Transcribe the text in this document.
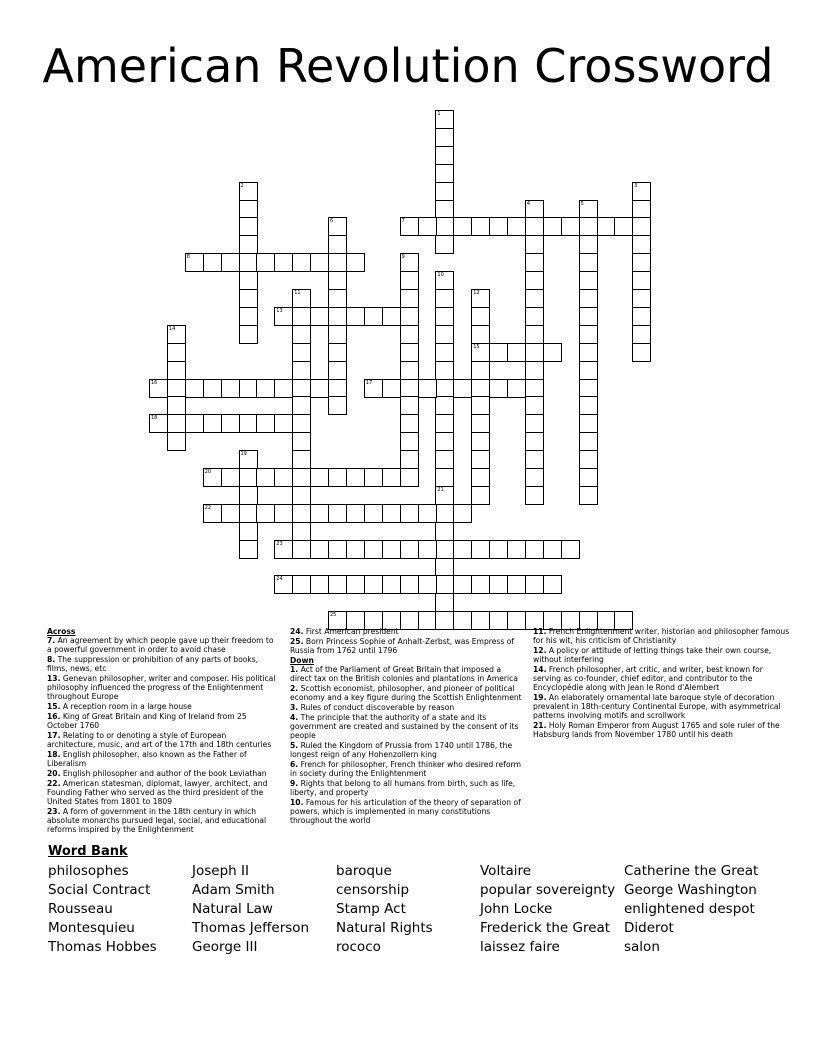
American Revolution Crossword
1
2	3
4	5
6	7
8	9
10
11	12
15
13
14
16	17
18
19
20
21
22
23
24
25
Across
7. An agreement by which people gave up their freedom to a powerful government in order to avoid chase
8. The suppression or prohibition of any parts of books, films, news, etc
13. Genevan philosopher, writer and composer. His political philosophy influenced the progress of the Enlightenment throughout Europe
15. A reception room in a large house
16. King of Great Britain and King of Ireland from 25 October 1760
17. Relating to or denoting a style of European architecture, music, and art of the 17th and 18th centuries
18. English philosopher, also known as the Father of Liberalism
20. English philosopher and author of the book Leviathan
22. American statesman, diplomat, lawyer, architect, and Founding Father who served as the third president of the United States from 1801 to 1809
23. A form of government in the 18th century in which absolute monarchs pursued legal, social, and educational reforms inspired by the Enlightenment
24. First American president
25. Born Princess Sophie of Anhalt-Zerbst, was Empress of Russia from 1762 until 1796
Down
1. Act of the Parliament of Great Britain that imposed a direct tax on the British colonies and plantations in America
2. Scottish economist, philosopher, and pioneer of political economy and a key figure during the Scottish Enlightenment
3. Rules of conduct discoverable by reason
4. The principle that the authority of a state and its government are created and sustained by the consent of its people
5. Ruled the Kingdom of Prussia from 1740 until 1786, the longest reign of any Hohenzollern king
6. French for philosopher, French thinker who desired reform in society during the Enlightenment
9. Rights that belong to all humans from birth, such as life, liberty, and property
10. Famous for his articulation of the theory of separation of powers, which is implemented in many constitutions throughout the world
11. French Enlightenment writer, historian and philosopher famous for his wit, his criticism of Christianity
12. A policy or attitude of letting things take their own course, without interfering
14. French philosopher, art critic, and writer, best known for serving as co-founder, chief editor, and contributor to the Encyclopédie along with Jean le Rond d'Alembert
19. An elaborately ornamental late baroque style of decoration prevalent in 18th-century Continental Europe, with asymmetrical patterns involving motifs and scrollwork
21. Holy Roman Emperor from August 1765 and sole ruler of the Habsburg lands from November 1780 until his death
Word Bank
philosophes
Social Contract
Rousseau
Montesquieu
Thomas Hobbes
Joseph II
Adam Smith
Natural Law
Thomas Jefferson
George III
baroque
censorship
Stamp Act
Natural Rights
rococo
Voltaire
popular sovereignty
John Locke
Frederick the Great
laissez faire
Catherine the Great
George Washington
enlightened despot
Diderot
salon
